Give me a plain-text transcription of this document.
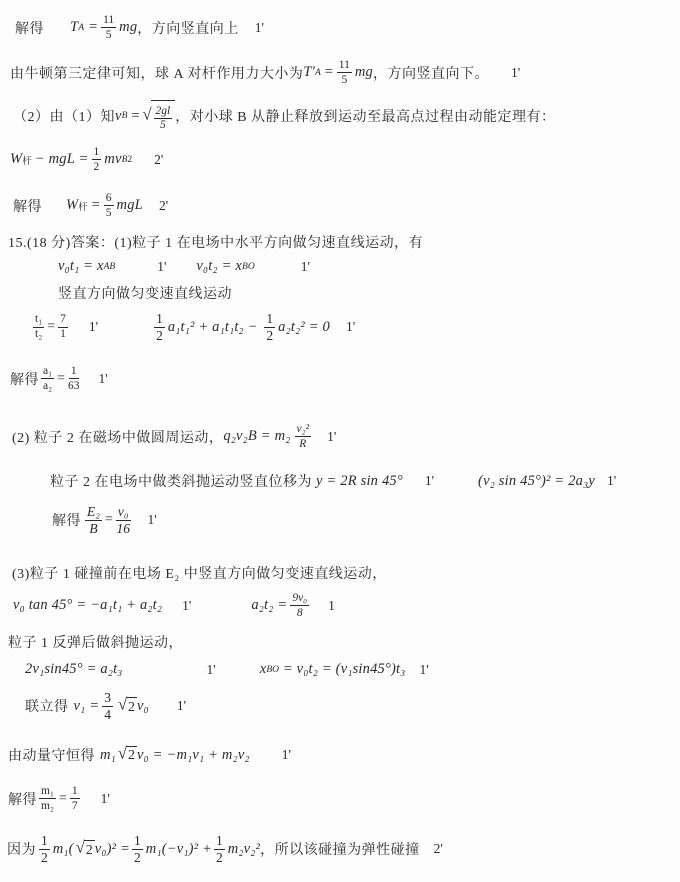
解得 T $A = \frac{11}{5}$ mg ，方向竖直向上 1'
由牛顿第三定律可知，球 A 对杆作用力大小为 T′ $A = \frac{11}{5}$ mg ，方向竖直向下。 1'
（2）由（1）知 v B = √ $\frac{2gl}{5}$ ，对小球 B 从静止释放到运动至最高点过程由动能定理有：
W 杆 − mgL = $\frac{1}{2}$ mv B 2 2'
解得 W 杆 = $\frac{6}{5}$ mgL 2'
15.(18 分)答案：(1)粒子 1 在电场中水平方向做匀速直线运动，有
v₀t₁ = x AB	1' v₀t₂ = x BO	1'
竖直方向做匀变速直线运动
$\frac{\text{t₁}}{\text{t₂}} = \frac{7}{1} 1'$	$\frac{1}{2} a_1t_1^2 + a_1t_1t_2 - \frac{1}{2} a_2t_2^2 = 0$ 1'
解得 $\frac{\text{a₁}}{\text{a₂}} = \frac{1}{63} 1'$
(2) 粒子 2 在磁场中做圆周运动， $q_2v_2B = m_2 \frac{\text{v₂²}}{R} 1'$
粒子 2 在电场中做类斜抛运动竖直位移为 y = 2R sin 45° 1'	(v₂ sin 45°)² = 2a₃y 1'
解得 $\frac{\text{E₂}}{B} = \frac{\text{v₀}}{16} 1'$
(3)粒子 1 碰撞前在电场 E₂ 中竖直方向做匀变速直线运动，
v₀ tan 45° = −a₁t₁ + a₂t₂ 1'	$a_2t_2 = \frac{\text{9v₀}}{8} 1$
粒子 1 反弹后做斜抛运动，
2v₁sin45° = a₂t₃	1'	x BO = v₀t₂ = (v₁sin45°)t₃ 1'
联立得 $v_1 = \frac{3}{4}$ √ 2 v₀ 1'
由动量守恒得 m₁ √ 2 v₀ = −m₁v₁ + m₂v₂ 1'
解得 $\frac{\text{m₁}}{\text{m₂}} = \frac{1}{7} 1'$
因为 $\frac{1}{2} m_1$( √ 2 $v_0)^2 = \frac{1}{2} m_1(-v_1)^2 + \frac{1}{2} m_2v_2^2$ ，所以该碰撞为弹性碰撞 2'
